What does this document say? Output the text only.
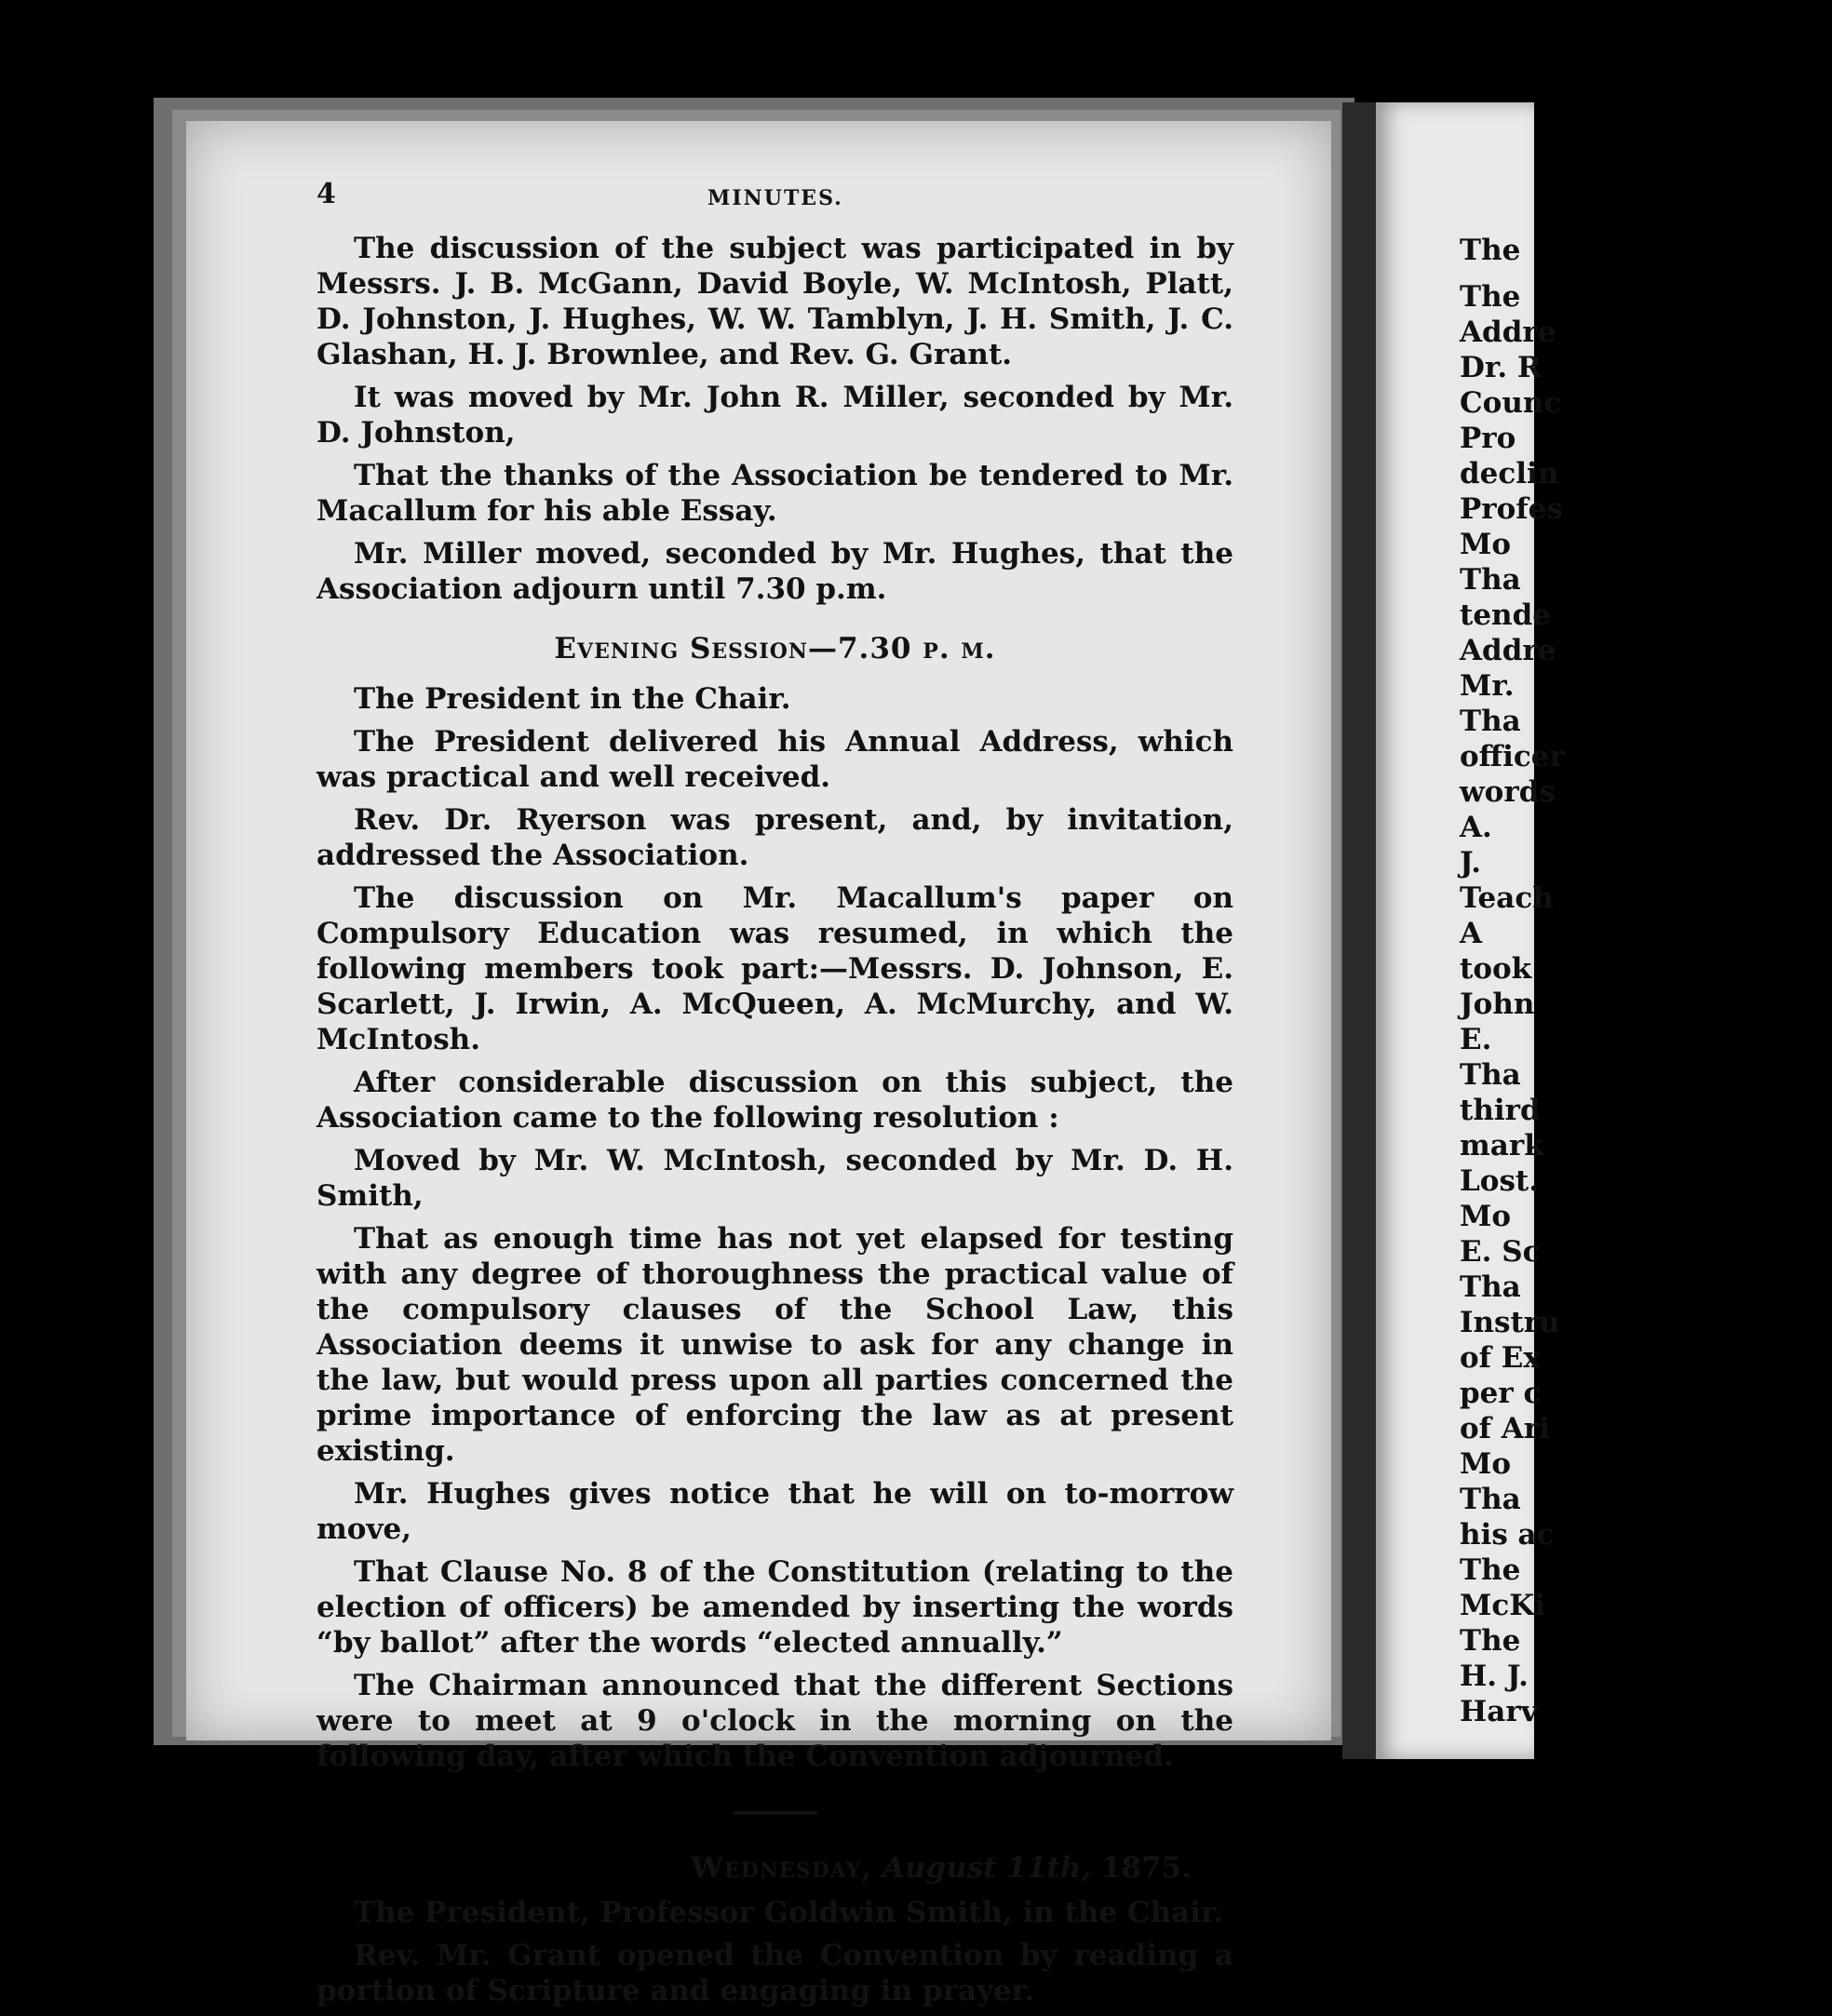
4	MINUTES.

The discussion of the subject was participated in by Messrs. J. B. McGann, David Boyle, W. McIntosh, Platt, D. Johnston, J. Hughes, W. W. Tamblyn, J. H. Smith, J. C. Glashan, H. J. Brownlee, and Rev. G. Grant.

It was moved by Mr. John R. Miller, seconded by Mr. D. Johnston,

That the thanks of the Association be tendered to Mr. Macallum for his able Essay.

Mr. Miller moved, seconded by Mr. Hughes, that the Association adjourn until 7.30 p.m.

Evening Session—7.30 p. m.

The President in the Chair.

The President delivered his Annual Address, which was practical and well received.

Rev. Dr. Ryerson was present, and, by invitation, addressed the Association.

The discussion on Mr. Macallum's paper on Compulsory Education was resumed, in which the following members took part:—Messrs. D. Johnson, E. Scarlett, J. Irwin, A. McQueen, A. McMurchy, and W. McIntosh.

After considerable discussion on this subject, the Association came to the following resolution :

Moved by Mr. W. McIntosh, seconded by Mr. D. H. Smith,

That as enough time has not yet elapsed for testing with any degree of thoroughness the practical value of the compulsory clauses of the School Law, this Association deems it unwise to ask for any change in the law, but would press upon all parties concerned the prime importance of enforcing the law as at present existing.

Mr. Hughes gives notice that he will on to-morrow move,

That Clause No. 8 of the Constitution (relating to the election of officers) be amended by inserting the words “by ballot” after the words “elected annually.”

The Chairman announced that the different Sections were to meet at 9 o'clock in the morning on the following day, after which the Convention adjourned.

Wednesday, August 11th, 1875.

The President, Professor Goldwin Smith, in the Chair.

Rev. Mr. Grant opened the Convention by reading a portion of Scripture and engaging in prayer.

The
The
Addre
Dr. R
Counc
Pro
declin
Profes
Mo
Tha
tende
Addre
Mr.
Tha
officer
words
A.
J.
Teach
A
took
John
E.
Tha
third
mark
Lost.
Mo
E. Sc
Tha
Instru
of Ex
per c
of Ari
Mo
Tha
his ac
The
McKi
The
H. J.
Harv
